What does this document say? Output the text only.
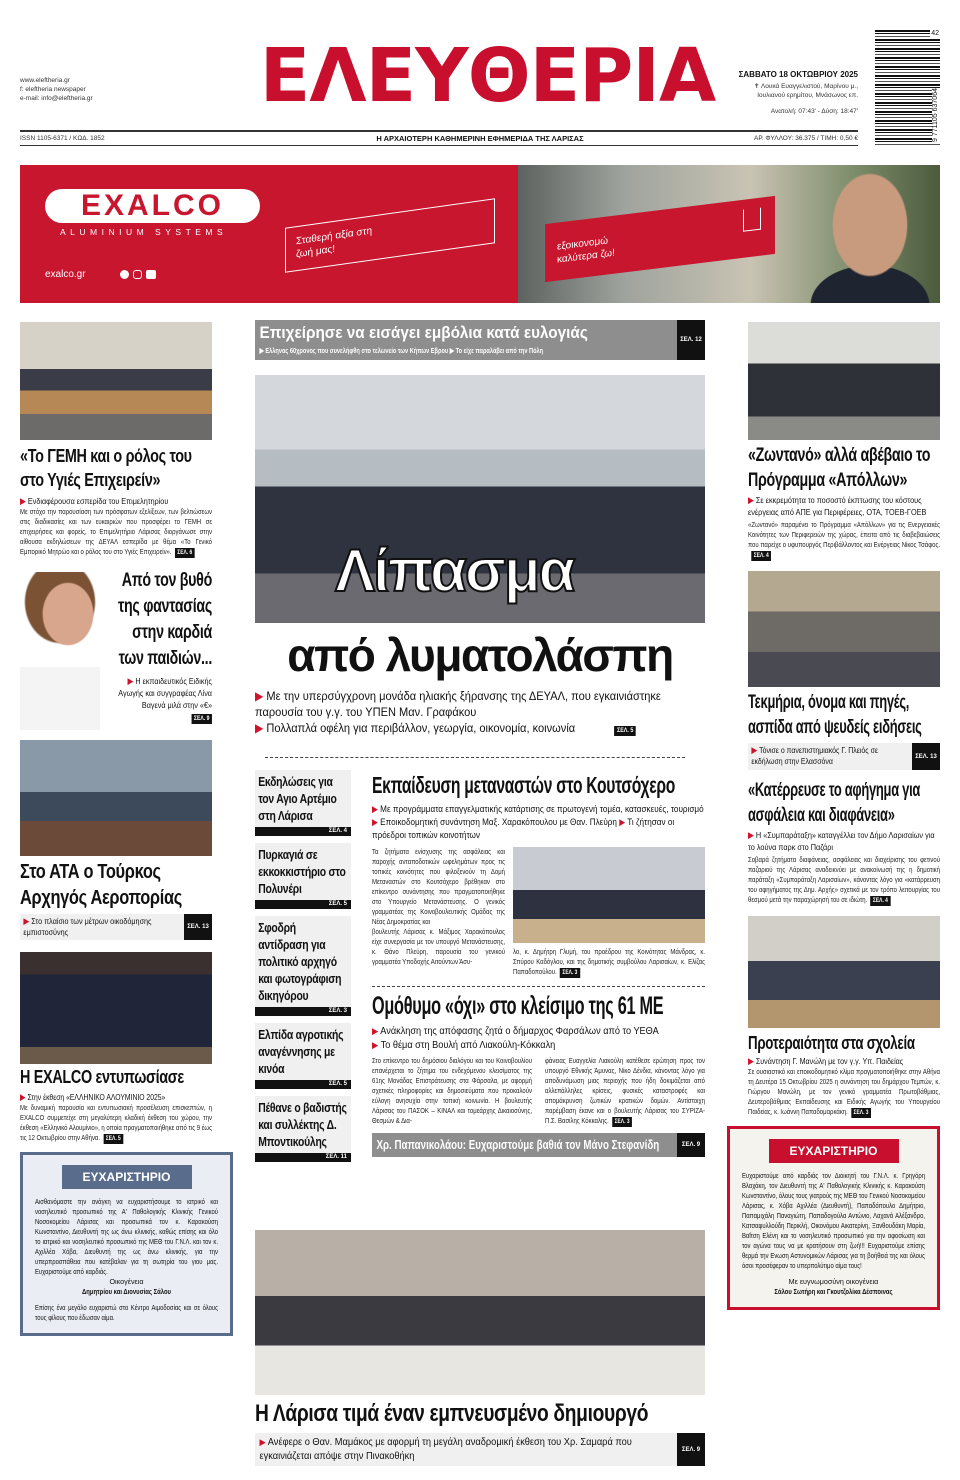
www.eleftheria.gr
f: eleftheria newspaper
e-mail: info@eleftheria.gr ΕΛΕΥΘΕΡΙΑ	ΣΑΒΒΑΤΟ 18 ΟΚΤΩΒΡΙΟΥ 2025
✝ Λουκά Ευαγγελιστού, Μαρίνου μ., Ιουλιανού ερημίτου, Μνάσωνος επ.
Ανατολή: 07:43' - Δύση: 18:47'
42
9 771105 637064
ISSN 1105-6371 / ΚΩΔ. 1852	Η ΑΡΧΑΙΟΤΕΡΗ ΚΑΘΗΜΕΡΙΝΗ ΕΦΗΜΕΡΙΔΑ ΤΗΣ ΛΑΡΙΣΑΣ	ΑΡ. ΦΥΛΛΟΥ: 36.375 / ΤΙΜΗ: 0,50 €
EXALCO
ALUMINIUM SYSTEMS	Σταθερή αξία στη ζωή μας!	εξοικονομώ καλύτερα ζω!
exalco.gr
«Το ΓΕΜΗ και ο ρόλος του στο Υγιές Επιχειρείν»
▶ Ενδιαφέρουσα εσπερίδα του Επιμελητηρίου
Με στόχο την παρουσίαση των πρόσφατων εξελίξεων, των βελτιώσεων στις διαδικασίες και των ευκαιριών που προσφέρει το ΓΕΜΗ σε επιχειρήσεις και φορείς, το Επιμελητήριο Λάρισας διοργάνωσε στην αίθουσα εκδηλώσεων της ΔΕΥΑΛ εσπερίδα με θέμα «Το Γενικό Εμπορικό Μητρώο και ο ρόλος του στο Υγιές Επιχειρείν». ΣΕΛ. 6
Από τον βυθό της φαντασίας στην καρδιά των παιδιών...
▶ Η εκπαιδευτικός Ειδικής Αγωγής και συγγραφέας Λίνα Βαγενά μιλά στην «€»
ΣΕΛ. 9
Στο ΑΤΑ ο Τούρκος Αρχηγός Αεροπορίας
▶ Στο πλαίσιο των μέτρων οικοδόμησης εμπιστοσύνης	ΣΕΛ. 13
Η EXALCO εντυπωσίασε
▶ Στην έκθεση «ΕΛΛΗΝΙΚΟ ΑΛΟΥΜΙΝΙΟ 2025»
Με δυναμική παρουσία και εντυπωσιακή προσέλευση επισκεπτών, η EXALCO συμμετείχε στη μεγαλύτερη κλαδική έκθεση του χώρου, την έκθεση «Ελληνικό Αλουμίνιο», η οποία πραγματοποιήθηκε από τις 9 έως τις 12 Οκτωβρίου στην Αθήνα. ΣΕΛ. 5
ΕΥΧΑΡΙΣΤΗΡΙΟ

Αισθανόμαστε την ανάγκη να ευχαριστήσουμε το ιατρικό και νοσηλευτικό προσωπικό της Α' Παθολογικής Κλινικής Γενικού Νοσοκομείου Λάρισας και προσωπικά τον κ. Καρακούση Κωνσταντίνο, Διευθυντή της ως άνω κλινικής, καθώς επίσης και όλο το ιατρικό και νοσηλευτικό προσωπικό της ΜΕΘ του Γ.Ν.Λ. και τον κ. Αχιλλέα Χόβα, Διευθυντή της ως άνω κλινικής, για την υπερπροσπάθεια που κατέβαλαν για τη σωτηρία του γιου μας. Ευχαριστούμε από καρδιάς.

Οικογένεια

Δημητρίου και Διονυσίας Σάλου

Επίσης ένα μεγάλο ευχαριστώ στο Κέντρο Αιμοδοσίας και σε όλους τους φίλους που έδωσαν αίμα.

Επιχείρησε να εισάγει εμβόλια κατά ευλογιάς
▶ Ελληνας 60χρονος που συνελήφθη στο τελωνείο των Κήπων Εβρου ▶ Το είχε παραλάβει από την Πόλη
ΣΕΛ. 12
Λίπασμα
από λυματολάσπη
▶ Με την υπερσύγχρονη μονάδα ηλιακής ξήρανσης της ΔΕΥΑΛ, που εγκαινιάστηκε παρουσία του γ.γ. του ΥΠΕΝ Μαν. Γραφάκου
▶ Πολλαπλά οφέλη για περιβάλλον, γεωργία, οικονομία, κοινωνία	ΣΕΛ. 5
Εκδηλώσεις για τον Αγιο Αρτέμιο στη Λάρισα
ΣΕΛ. 4
Πυρκαγιά σε εκκοκκιστήριο στο Πολυνέρι
ΣΕΛ. 5
Σφοδρή αντίδραση για πολιτικό αρχηγό και φωτογράφιση δικηγόρου
ΣΕΛ. 3
Ελπίδα αγροτικής αναγέννησης με κινόα
ΣΕΛ. 5
Πέθανε ο βαδιστής και συλλέκτης Δ. Μποντικούλης
ΣΕΛ. 11
Εκπαίδευση μεταναστών στο Κουτσόχερο
▶ Με προγράμματα επαγγελματικής κατάρτισης σε πρωτογενή τομέα, κατασκευές, τουρισμό ▶ Εποικοδομητική συνάντηση Μαξ. Χαρακόπουλου με Θαν. Πλεύρη ▶ Τι ζήτησαν οι πρόεδροι τοπικών κοινοτήτων
Τα ζητήματα ενίσχυσης της ασφάλειας και παροχής ανταποδοτικών ωφελημάτων προς τις τοπικές κοινότητες που φιλοξενούν τη Δομή Μεταναστών στο Κουτσόχερο βρέθηκαν στο επίκεντρο συνάντησης που πραγματοποιήθηκε στο Υπουργείο Μετανάστευσης. Ο γενικός γραμματέας της Κοινοβουλευτικής Ομάδας της Νέας Δημοκρατίας και
βουλευτής Λάρισας κ. Μάξιμος Χαρακόπουλος είχε συνεργασία με τον υπουργό Μετανάστευσης, κ. Θάνο Πλεύρη, παρουσία του γενικού γραμματέα Υποδοχής Αιτούντων Άσυ-
λο, κ. Δημήτρη Γλυμή, του προέδρου της Κοινότητας Μάνδρας, κ. Σπύρου Καδόγλου, και της δημοτικής συμβούλου Λαρισαίων, κ. Ελίζας Παπαδοπούλου. ΣΕΛ. 3
Ομόθυμο «όχι» στο κλείσιμο της 61 ΜΕ
▶ Ανάκληση της απόφασης ζητά ο δήμαρχος Φαρσάλων από το ΥΕΘΑ
▶ Το θέμα στη Βουλή από Λιακούλη-Κόκκαλη
Στο επίκεντρο του δημόσιου διαλόγου και του Κοινοβουλίου επανέρχεται το ζήτημα του ενδεχόμενου κλεισίματος της 61ης Μονάδας Επιστράτευσης στα Φάρσαλα, με αφορμή σχετικές πληροφορίες και δημοσιεύματα που προκαλούν εύλογη ανησυχία στην τοπική κοινωνία. Η βουλευτής Λάρισας του ΠΑΣΟΚ – ΚΙΝΑΛ και τομεάρχης Δικαιοσύνης, Θεσμών & Δια-
φάνειας Ευαγγελία Λιακούλη κατέθεσε ερώτηση προς τον υπουργό Εθνικής Άμυνας, Νίκο Δένδια, κάνοντας λόγο για αποδυνάμωση μιας περιοχής που ήδη δοκιμάζεται από αλλεπάλληλες κρίσεις, φυσικές καταστροφές και απομάκρυνση ζωτικών κρατικών δομών. Αντίστοιχη παρέμβαση έκανε και ο βουλευτής Λάρισας του ΣΥΡΙΖΑ-Π.Σ. Βασίλης Κόκκαλης. ΣΕΛ. 3
Χρ. Παπανικολάου: Ευχαριστούμε βαθιά τον Μάνο Στεφανίδη	ΣΕΛ. 9
Η Λάρισα τιμά έναν εμπνευσμένο δημιουργό
▶ Ανέφερε ο Θαν. Μαμάκος με αφορμή τη μεγάλη αναδρομική έκθεση του Χρ. Σαμαρά που εγκαινιάζεται απόψε στην Πινακοθήκη
ΣΕΛ. 9
«Ζωντανό» αλλά αβέβαιο το Πρόγραμμα «Απόλλων»
▶ Σε εκκρεμότητα το ποσοστό έκπτωσης του κόστους ενέργειας από ΑΠΕ για Περιφέρειες, ΟΤΑ, ΤΟΕΒ-ΓΟΕΒ
«Ζωντανό» παραμένει το Πρόγραμμα «Απόλλων» για τις Ενεργειακές Κοινότητες των Περιφερειών της χώρας, έπειτα από τις διαβεβαιώσεις που παρείχε ο υφυπουργός Περιβάλλοντος και Ενέργειας Νίκος Τσάφος.ΣΕΛ. 4
Τεκμήρια, όνομα και πηγές, ασπίδα από ψευδείς ειδήσεις
▶ Τόνισε ο πανεπιστημιακός Γ. Πλειός σε εκδήλωση στην Ελασσόνα
ΣΕΛ. 13
«Κατέρρευσε το αφήγημα για ασφάλεια και διαφάνεια»
▶ Η «Συμπαράταξη» καταγγέλλει τον Δήμο Λαρισαίων για το λούνα παρκ στο Παζάρι
Σοβαρά ζητήματα διαφάνειας, ασφάλειας και διαχείρισης του φετινού παζαριού της Λάρισας αναδεικνύει με ανακοίνωσή της η δημοτική παράταξη «Συμπαράταξη Λαρισαίων», κάνοντας λόγο για «κατάρρευση του αφηγήματος της Δημ. Αρχής» σχετικά με τον τρόπο λειτουργίας του θεσμού μετά την παραχώρησή του σε ιδιώτη. ΣΕΛ. 4
Προτεραιότητα στα σχολεία
▶ Συνάντηση Γ. Μανώλη με τον γ.γ. Υπ. Παιδείας
Σε ουσιαστικό και εποικοδομητικό κλίμα πραγματοποιήθηκε στην Αθήνα τη Δευτέρα 15 Οκτωβρίου 2025 η συνάντηση του δημάρχου Τεμπών, κ. Γιώργου Μανώλη, με τον γενικό γραμματέα Πρωτοβάθμιας, Δευτεροβάθμιας Εκπαίδευσης και Ειδικής Αγωγής του Υπουργείου Παιδείας, κ. Ιωάννη Παπαδομαρκάκη. ΣΕΛ. 3
ΕΥΧΑΡΙΣΤΗΡΙΟ

Ευχαριστούμε από καρδιάς τον Διοικητή του Γ.Ν.Λ. κ. Γρηγόρη Βλαχάκη, τον Διευθυντή της Α' Παθολογικής Κλινικής κ. Καρακούση Κωνσταντίνο, όλους τους γιατρούς της ΜΕΘ του Γενικού Νοσοκομείου Λάρισας, κ. Χόβα Αχιλλέα (Διευθυντή), Παπαδόπουλο Δημήτριο, Παπαμιχάλη Παναγιώτη, Παπαδογούλα Αντώνιο, Λαχανά Αλέξανδρο, Κατσαφυλλούδη Περικλή, Οικονόμου Αικατερίνη, Ξανθουδάκη Μαρία, Βαΐτση Ελένη και το νοσηλευτικό προσωπικό για την αφοσίωση και τον αγώνα τους να με κρατήσουν στη ζωή!!! Ευχαριστούμε επίσης θερμά την Ενωση Αστυνομικών Λάρισας για τη βοήθειά της και όλους όσοι προσέφεραν το υπερπολύτιμο αίμα τους!

Με ευγνωμοσύνη οικογένεια

Σάλου Σωτήρη και Γκουτζολίκα Δέσποινας
